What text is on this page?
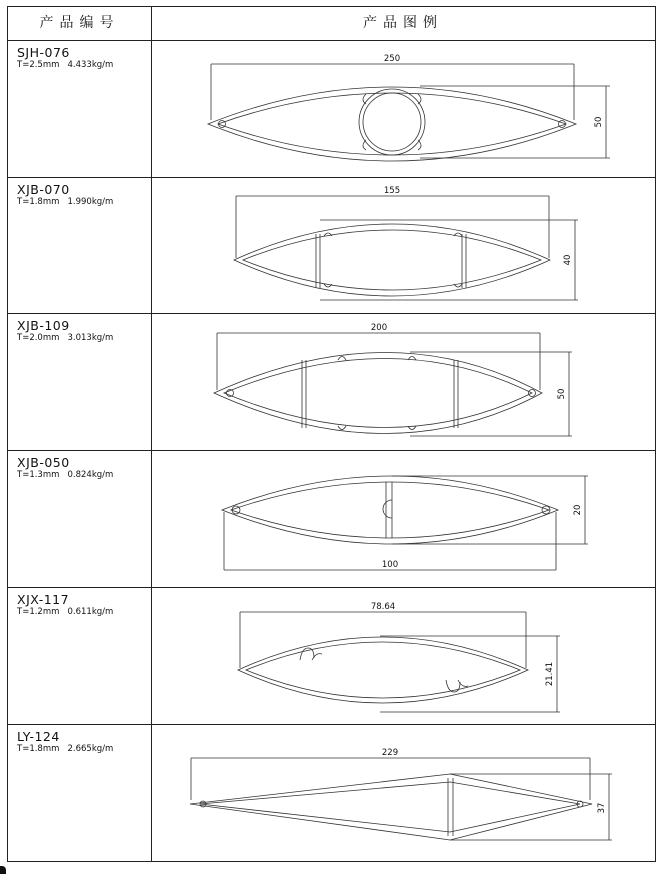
产品编号	产品图例
SJH-076
T=2.5mm   4.433kg/m
XJB-070
T=1.8mm   1.990kg/m
XJB-109
T=2.0mm   3.013kg/m
XJB-050
T=1.3mm   0.824kg/m
XJX-117
T=1.2mm   0.611kg/m
LY-124
T=1.8mm   2.665kg/m
250
50
155
40
200
50
100
20
78.64
21.41
229
37
